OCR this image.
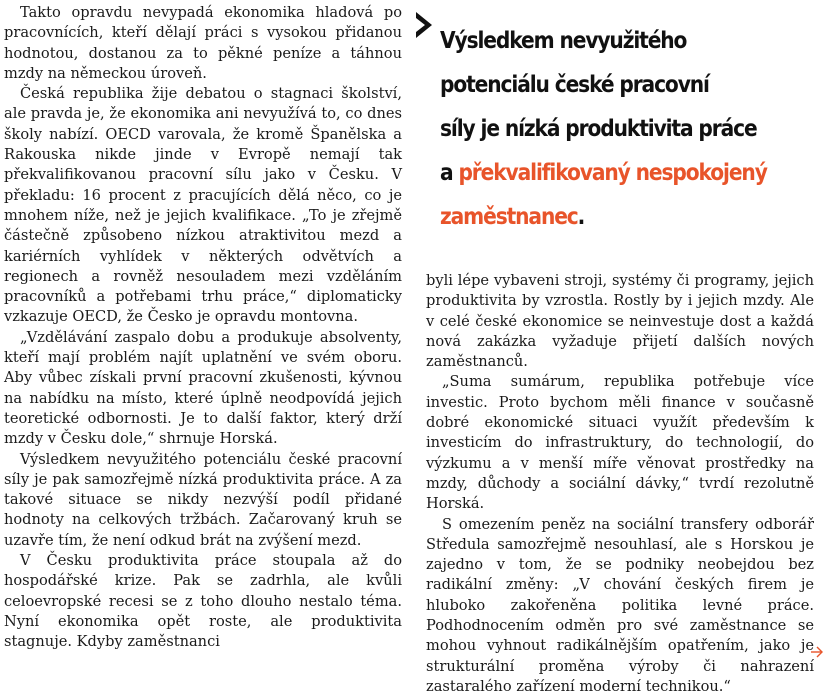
Takto opravdu nevypadá ekonomika hladová po pracovnících, kteří dělají práci s vysokou přidanou hodnotou, dostanou za to pěkné peníze a táhnou mzdy na německou úroveň.

Česká republika žije debatou o stagnaci školství, ale pravda je, že ekonomika ani nevyužívá to, co dnes školy nabízí. OECD varovala, že kromě Španělska a Rakouska nikde jinde v Evropě nemají tak překvalifikovanou pracovní sílu jako v Česku. V překladu: 16 procent z pracujících dělá něco, co je mnohem níže, než je jejich kvalifikace. „To je zřejmě částečně způsobeno nízkou atraktivitou mezd a kariérních vyhlídek v některých odvětvích a regionech a rovněž nesouladem mezi vzděláním pracovníků a potřebami trhu práce,“ diplomaticky vzkazuje OECD, že Česko je opravdu montovna.

„Vzdělávání zaspalo dobu a produkuje absolventy, kteří mají problém najít uplatnění ve svém oboru. Aby vůbec získali první pracovní zkušenosti, kývnou na nabídku na místo, které úplně neodpovídá jejich teoretické odbornosti. Je to další faktor, který drží mzdy v Česku dole,“ shrnuje Horská.

Výsledkem nevyužitého potenciálu české pracovní síly je pak samozřejmě nízká produktivita práce. A za takové situace se nikdy nezvýší podíl přidané hodnoty na celkových tržbách. Začarovaný kruh se uzavře tím, že není odkud brát na zvýšení mezd.

V Česku produktivita práce stoupala až do hospodářské krize. Pak se zadrhla, ale kvůli celoevropské recesi se z toho dlouho nestalo téma. Nyní ekonomika opět roste, ale produktivita stagnuje. Kdyby zaměstnanci

Výsledkem nevyužitého
potenciálu české pracovní
síly je nízká produktivita práce
a překvalifikovaný nespokojený
zaměstnanec.

byli lépe vybaveni stroji, systémy či programy, jejich produktivita by vzrostla. Rostly by i jejich mzdy. Ale v celé české ekonomice se neinvestuje dost a každá nová zakázka vyžaduje přijetí dalších nových zaměstnanců.

„Suma sumárum, republika potřebuje více investic. Proto bychom měli finance v současně dobré ekonomické situaci využít především k investicím do infrastruktury, do technologií, do výzkumu a v menší míře věnovat prostředky na mzdy, důchody a sociální dávky,“ tvrdí rezolutně Horská.

S omezením peněz na sociální transfery odborář Středula samozřejmě nesouhlasí, ale s Horskou je zajedno v tom, že se podniky neobejdou bez radikální změny: „V chování českých firem je hluboko zakořeněna politika levné práce. Podhodnocením odměn pro své zaměstnance se mohou vyhnout radikálnějším opatřením, jako je strukturální proměna výroby či nahrazení zastaralého zařízení moderní technikou.“
